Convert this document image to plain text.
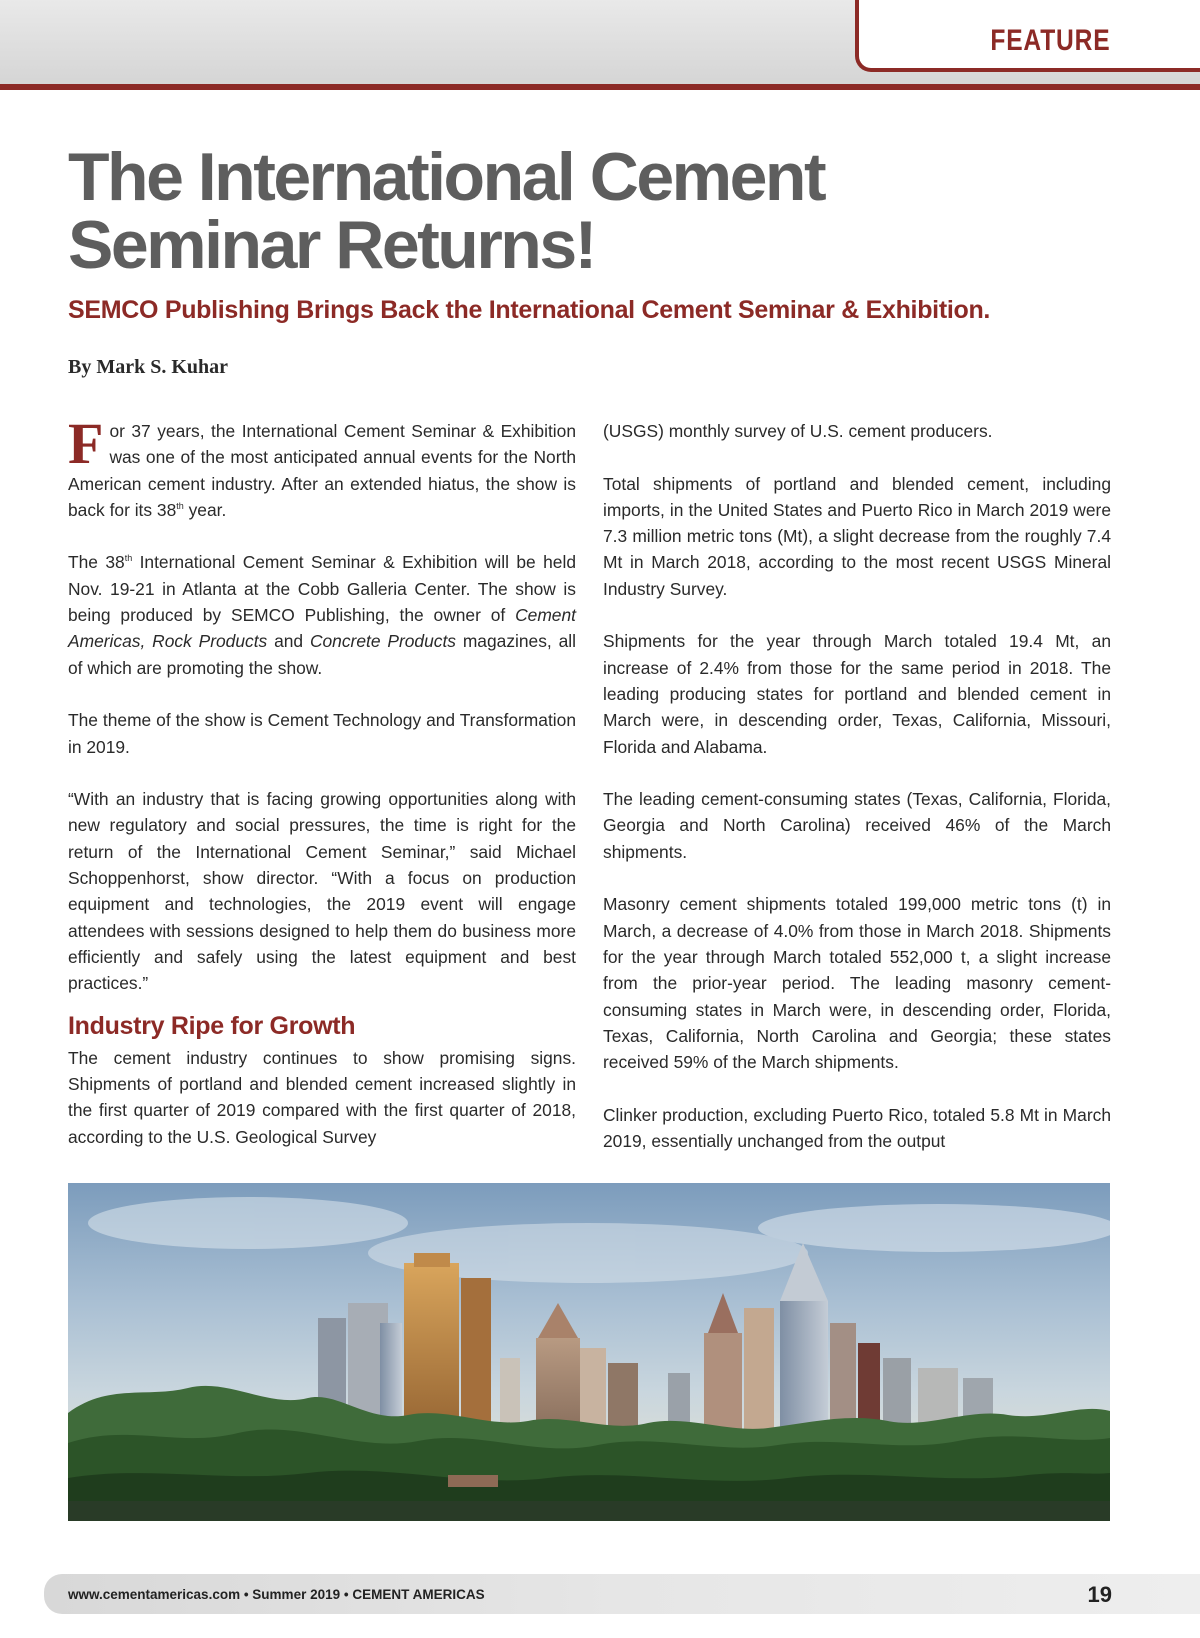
FEATURE
The International Cement
Seminar Returns!
SEMCO Publishing Brings Back the International Cement Seminar & Exhibition.
By Mark S. Kuhar

For 37 years, the International Cement Seminar & Exhibition was one of the most anticipated annual events for the North American cement industry. After an extended hiatus, the show is back for its 38th year.

The 38th International Cement Seminar & Exhibition will be held Nov. 19-21 in Atlanta at the Cobb Galleria Center. The show is being produced by SEMCO Publishing, the owner of Cement Americas, Rock Products and Concrete Products magazines, all of which are promoting the show.

The theme of the show is Cement Technology and Transformation in 2019.

“With an industry that is facing growing opportunities along with new regulatory and social pressures, the time is right for the return of the International Cement Seminar,” said Michael Schoppenhorst, show director. “With a focus on production equipment and technologies, the 2019 event will engage attendees with sessions designed to help them do business more efficiently and safely using the latest equipment and best practices.”

Industry Ripe for Growth

The cement industry continues to show promising signs. Shipments of portland and blended cement increased slightly in the first quarter of 2019 compared with the first quarter of 2018, according to the U.S. Geological Survey

(USGS) monthly survey of U.S. cement producers.

Total shipments of portland and blended cement, including imports, in the United States and Puerto Rico in March 2019 were 7.3 million metric tons (Mt), a slight decrease from the roughly 7.4 Mt in March 2018, according to the most recent USGS Mineral Industry Survey.

Shipments for the year through March totaled 19.4 Mt, an increase of 2.4% from those for the same period in 2018. The leading producing states for portland and blended cement in March were, in descending order, Texas, California, Missouri, Florida and Alabama.

The leading cement-consuming states (Texas, California, Florida, Georgia and North Carolina) received 46% of the March shipments.

Masonry cement shipments totaled 199,000 metric tons (t) in March, a decrease of 4.0% from those in March 2018. Shipments for the year through March totaled 552,000 t, a slight increase from the prior-year period. The leading masonry cement-consuming states in March were, in descending order, Florida, Texas, California, North Carolina and Georgia; these states received 59% of the March shipments.

Clinker production, excluding Puerto Rico, totaled 5.8 Mt in March 2019, essentially unchanged from the output

www.cementamericas.com • Summer 2019 • CEMENT AMERICAS	19
